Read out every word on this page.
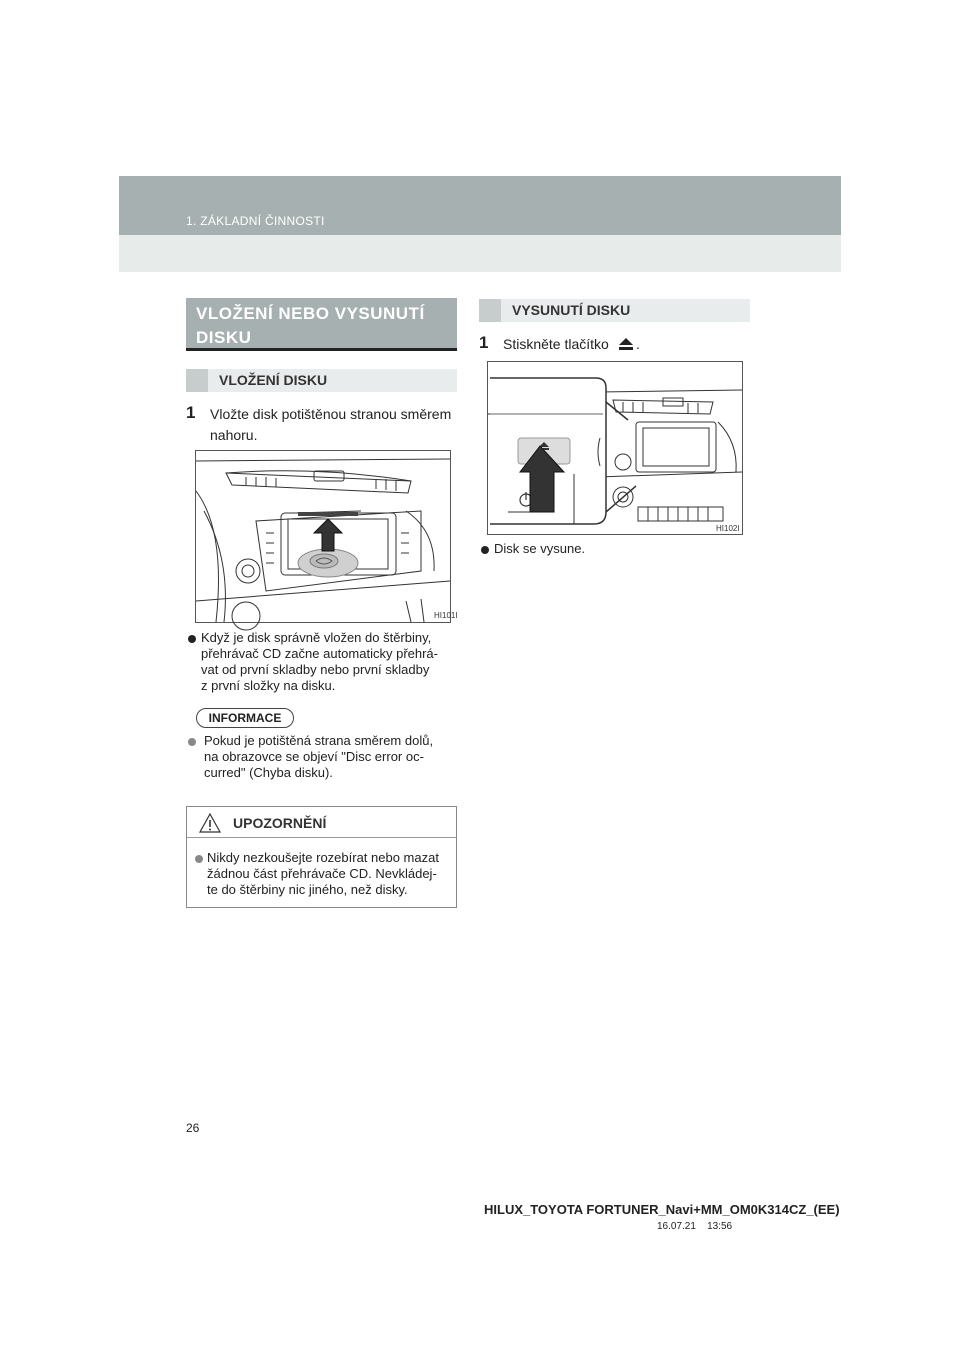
1. ZÁKLADNÍ ČINNOSTI
VLOŽENÍ NEBO VYSUNUTÍ
DISKU
VLOŽENÍ DISKU
1 Vložte disk potištěnou stranou směrem
nahoru.
HI101I
Když je disk správně vložen do štěrbiny,
přehrávač CD začne automaticky přehrá-
vat od první skladby nebo první skladby
z první složky na disku.
INFORMACE
Pokud je potištěná strana směrem dolů,
na obrazovce se objeví "Disc error oc-
curred" (Chyba disku).
UPOZORNĚNÍ
Nikdy nezkoušejte rozebírat nebo mazat
žádnou část přehrávače CD. Nevkládej-
te do štěrbiny nic jiného, než disky.
VYSUNUTÍ DISKU
1 Stiskněte tlačítko .
HI102I
Disk se vysune.
26
HILUX_TOYOTA FORTUNER_Navi+MM_OM0K314CZ_(EE)
16.07.21 13:56
